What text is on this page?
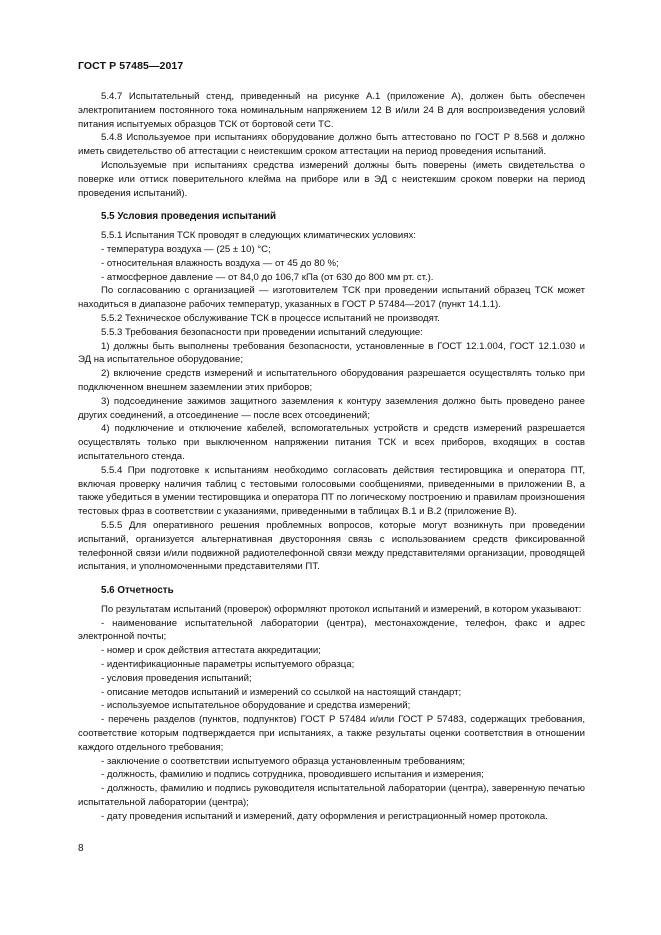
ГОСТ Р 57485—2017

5.4.7 Испытательный стенд, приведенный на рисунке А.1 (приложение А), должен быть обеспечен электропитанием постоянного тока номинальным напряжением 12 В и/или 24 В для воспроизведения условий питания испытуемых образцов ТСК от бортовой сети ТС.

5.4.8 Используемое при испытаниях оборудование должно быть аттестовано по ГОСТ Р 8.568 и должно иметь свидетельство об аттестации с неистекшим сроком аттестации на период проведения испытаний.

Используемые при испытаниях средства измерений должны быть поверены (иметь свидетельства о поверке или оттиск поверительного клейма на приборе или в ЭД с неистекшим сроком поверки на период проведения испытаний).

5.5 Условия проведения испытаний

5.5.1 Испытания ТСК проводят в следующих климатических условиях:

- температура воздуха — (25 ± 10) °С;

- относительная влажность воздуха — от 45 до 80 %;

- атмосферное давление — от 84,0 до 106,7 кПа (от 630 до 800 мм рт. ст.).

По согласованию с организацией — изготовителем ТСК при проведении испытаний образец ТСК может находиться в диапазоне рабочих температур, указанных в ГОСТ Р 57484—2017 (пункт 14.1.1).

5.5.2 Техническое обслуживание ТСК в процессе испытаний не производят.

5.5.3 Требования безопасности при проведении испытаний следующие:

1) должны быть выполнены требования безопасности, установленные в ГОСТ 12.1.004, ГОСТ 12.1.030 и ЭД на испытательное оборудование;

2) включение средств измерений и испытательного оборудования разрешается осуществлять только при подключенном внешнем заземлении этих приборов;

3) подсоединение зажимов защитного заземления к контуру заземления должно быть проведено ранее других соединений, а отсоединение — после всех отсоединений;

4) подключение и отключение кабелей, вспомогательных устройств и средств измерений разрешается осуществлять только при выключенном напряжении питания ТСК и всех приборов, входящих в состав испытательного стенда.

5.5.4 При подготовке к испытаниям необходимо согласовать действия тестировщика и оператора ПТ, включая проверку наличия таблиц с тестовыми голосовыми сообщениями, приведенными в приложении В, а также убедиться в умении тестировщика и оператора ПТ по логическому построению и правилам произношения тестовых фраз в соответствии с указаниями, приведенными в таблицах В.1 и В.2 (приложение В).

5.5.5 Для оперативного решения проблемных вопросов, которые могут возникнуть при проведении испытаний, организуется альтернативная двусторонняя связь с использованием средств фиксированной телефонной связи и/или подвижной радиотелефонной связи между представителями организации, проводящей испытания, и уполномоченными представителями ПТ.

5.6 Отчетность

По результатам испытаний (проверок) оформляют протокол испытаний и измерений, в котором указывают:

- наименование испытательной лаборатории (центра), местонахождение, телефон, факс и адрес электронной почты;

- номер и срок действия аттестата аккредитации;

- идентификационные параметры испытуемого образца;

- условия проведения испытаний;

- описание методов испытаний и измерений со ссылкой на настоящий стандарт;

- используемое испытательное оборудование и средства измерений;

- перечень разделов (пунктов, подпунктов) ГОСТ Р 57484 и/или ГОСТ Р 57483, содержащих требования, соответствие которым подтверждается при испытаниях, а также результаты оценки соответствия в отношении каждого отдельного требования;

- заключение о соответствии испытуемого образца установленным требованиям;

- должность, фамилию и подпись сотрудника, проводившего испытания и измерения;

- должность, фамилию и подпись руководителя испытательной лаборатории (центра), заверенную печатью испытательной лаборатории (центра);

- дату проведения испытаний и измерений, дату оформления и регистрационный номер протокола.

8
